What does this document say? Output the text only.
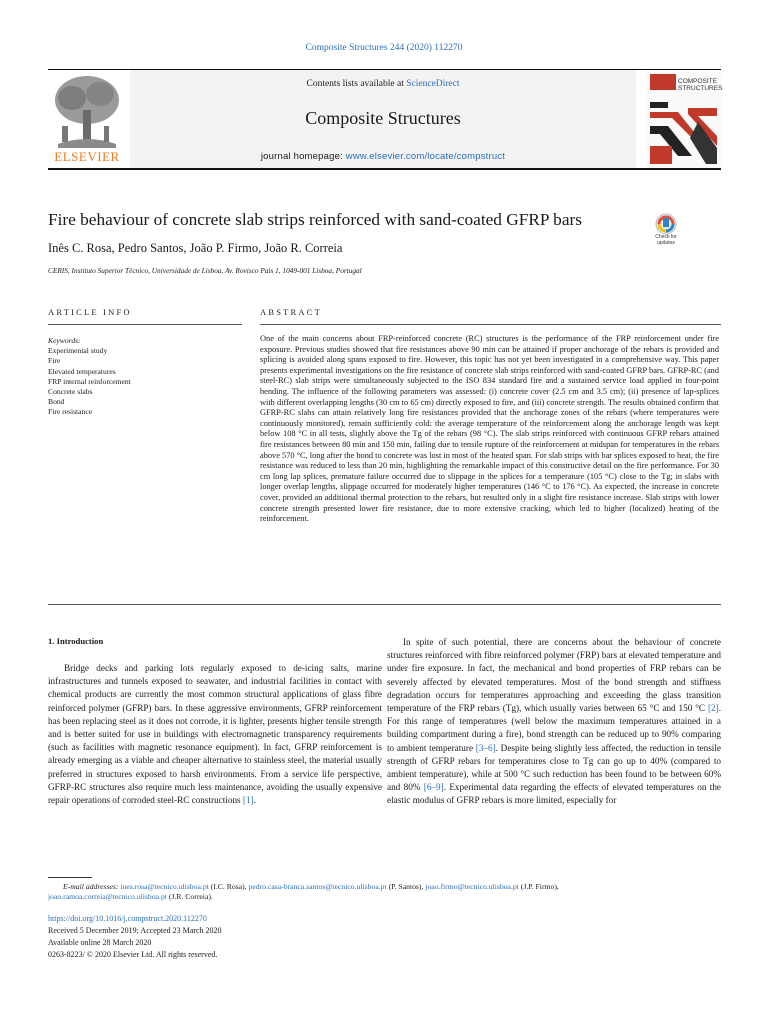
Composite Structures 244 (2020) 112270
Contents lists available at ScienceDirect
Composite Structures
journal homepage: www.elsevier.com/locate/compstruct
ELSEVIER
COMPOSITE
STRUCTURES
Fire behaviour of concrete slab strips reinforced with sand-coated GFRP bars
Inês C. Rosa, Pedro Santos, João P. Firmo, João R. Correia
CERIS, Instituto Superior Técnico, Universidade de Lisboa, Av. Rovisco Pais 1, 1049-001 Lisboa, Portugal
Check for
updates
ARTICLE INFO	ABSTRACT
Keywords:
Experimental study
Fire
Elevated temperatures
FRP internal reinforcement
Concrete slabs
Bond
Fire resistance
One of the main concerns about FRP-reinforced concrete (RC) structures is the performance of the FRP reinforcement under fire exposure. Previous studies showed that fire resistances above 90 min can be attained if proper anchorage of the rebars is provided and splicing is avoided along spans exposed to fire. However, this topic has not yet been investigated in a comprehensive way. This paper presents experimental investigations on the fire resistance of concrete slab strips reinforced with sand-coated GFRP bars. GFRP-RC (and steel-RC) slab strips were simultaneously subjected to the ISO 834 standard fire and a sustained service load applied in four-point bending. The influence of the following parameters was assessed: (i) concrete cover (2.5 cm and 3.5 cm); (ii) presence of lap-splices with different overlapping lengths (30 cm to 65 cm) directly exposed to fire, and (iii) concrete strength. The results obtained confirm that GFRP-RC slabs can attain relatively long fire resistances provided that the anchorage zones of the rebars (where temperatures were continuously monitored), remain sufficiently cold: the average temperature of the reinforcement along the anchorage length was kept below 108 °C in all tests, slightly above the Tg of the rebars (98 °C). The slab strips reinforced with continuous GFRP rebars attained fire resistances between 80 min and 150 min, failing due to tensile rupture of the reinforcement at midspan for temperatures in the rebars above 570 °C, long after the bond to concrete was lost in most of the heated span. For slab strips with bar splices exposed to heat, the fire resistance was reduced to less than 20 min, highlighting the remarkable impact of this constructive detail on the fire performance. For 30 cm long lap splices, premature failure occurred due to slippage in the splices for a temperature (105 °C) close to the Tg; in slabs with longer overlap lengths, slippage occurred for moderately higher temperatures (146 °C to 176 °C). As expected, the increase in concrete cover, provided an additional thermal protection to the rebars, but resulted only in a slight fire resistance increase. Slab strips with lower concrete strength presented lower fire resistance, due to more extensive cracking, which led to higher (localized) heating of the reinforcement.
1. Introduction

Bridge decks and parking lots regularly exposed to de-icing salts, marine infrastructures and tunnels exposed to seawater, and industrial facilities in contact with chemical products are currently the most common structural applications of glass fibre reinforced polymer (GFRP) bars. In these aggressive environments, GFRP reinforcement has been replacing steel as it does not corrode, it is lighter, presents higher tensile strength and is better suited for use in buildings with electromagnetic transparency requirements (such as facilities with magnetic resonance equipment). In fact, GFRP reinforcement is already emerging as a viable and cheaper alternative to stainless steel, the material usually preferred in structures exposed to harsh environments. From a service life perspective, GFRP-RC structures also require much less maintenance, avoiding the usually expensive repair operations of corroded steel-RC constructions [1].

In spite of such potential, there are concerns about the behaviour of concrete structures reinforced with fibre reinforced polymer (FRP) bars at elevated temperature and under fire exposure. In fact, the mechanical and bond properties of FRP rebars can be severely affected by elevated temperatures. Most of the bond strength and stiffness degradation occurs for temperatures approaching and exceeding the glass transition temperature of the FRP rebars (Tg), which usually varies between 65 °C and 150 °C [2]. For this range of temperatures (well below the maximum temperatures attained in a building compartment during a fire), bond strength can be reduced up to 90% comparing to ambient temperature [3–6]. Despite being slightly less affected, the reduction in tensile strength of GFRP rebars for temperatures close to Tg can go up to 40% (compared to ambient temperature), while at 500 °C such reduction has been found to be between 60% and 80% [6–9]. Experimental data regarding the effects of elevated temperatures on the elastic modulus of GFRP rebars is more limited, especially for

E-mail addresses: ines.rosa@tecnico.ulisboa.pt (I.C. Rosa), pedro.casa-branca.santos@tecnico.ulisboa.pt (P. Santos), joao.firmo@tecnico.ulisboa.pt (J.P. Firmo),
joao.ramoa.correia@tecnico.ulisboa.pt (J.R. Correia).
https://doi.org/10.1016/j.compstruct.2020.112270
Received 5 December 2019; Accepted 23 March 2020
Available online 28 March 2020
0263-8223/ © 2020 Elsevier Ltd. All rights reserved.
